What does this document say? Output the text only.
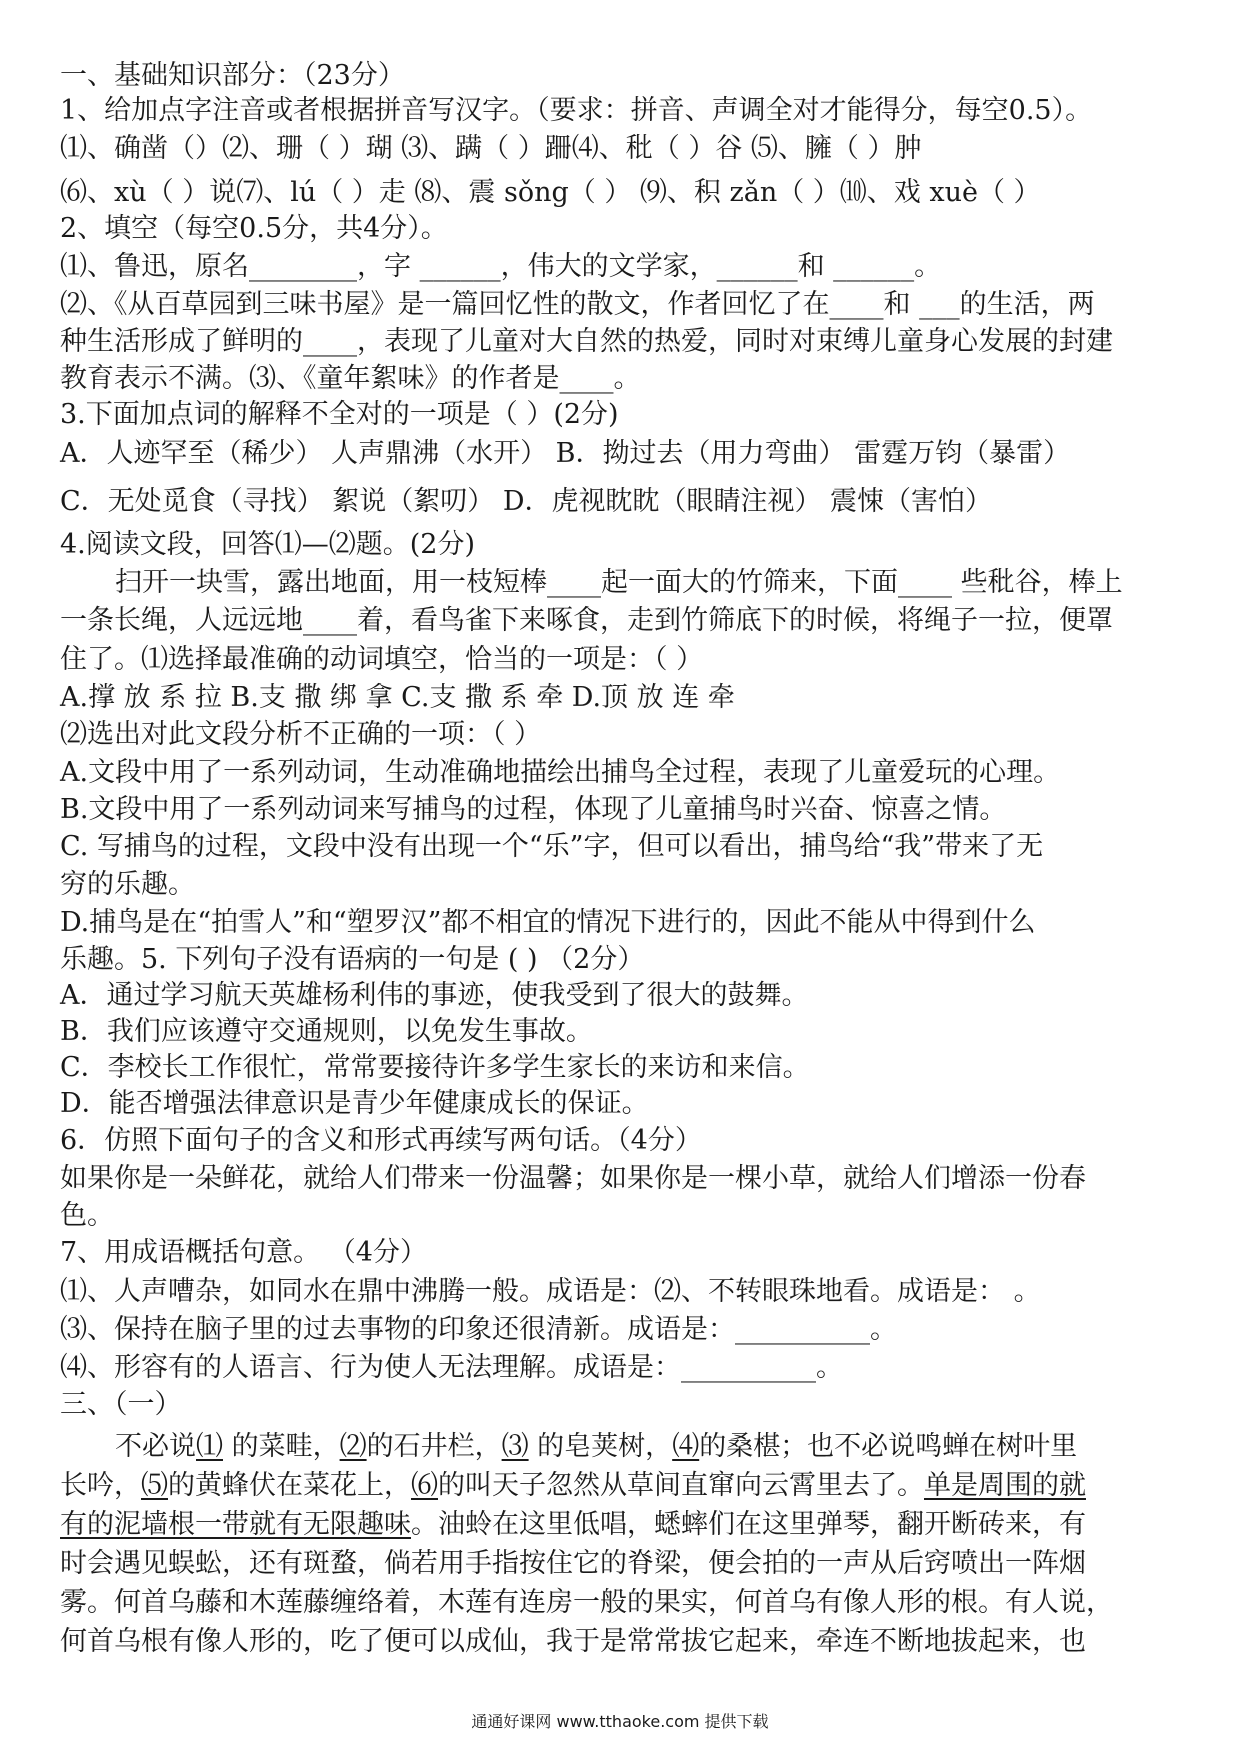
一、基础知识部分：（23分）
1、给加点字注音或者根据拼音写汉字。（要求：拼音、声调全对才能得分，每空0.5）。
⑴、确凿（）⑵、珊（ ）瑚 ⑶、蹒（ ）跚⑷、秕（ ）谷 ⑸、臃（ ）肿
⑹、xù（ ）说⑺、lú（ ）走 ⑻、震 sǒng（ ） ⑼、积 zǎn（ ）⑽、戏 xuè（ ）
2、填空（每空0.5分，共4分）。
⑴、鲁迅，原名________，字 ______，伟大的文学家，______和 ______。
⑵、《从百草园到三味书屋》是一篇回忆性的散文，作者回忆了在____和 ___的生活，两
种生活形成了鲜明的____，表现了儿童对大自然的热爱，同时对束缚儿童身心发展的封建
教育表示不满。⑶、《童年絮味》的作者是____。
3.下面加点词的解释不全对的一项是（ ）(2分)
A．人迹罕至（稀少） 人声鼎沸（水开） B．拗过去（用力弯曲） 雷霆万钧（暴雷）
C．无处觅食（寻找） 絮说（絮叨） D．虎视眈眈（眼睛注视） 震悚（害怕）
4.阅读文段，回答⑴—⑵题。(2分)
扫开一块雪，露出地面，用一枝短棒____起一面大的竹筛来，下面____ 些秕谷，棒上
一条长绳，人远远地____着，看鸟雀下来啄食，走到竹筛底下的时候，将绳子一拉，便罩
住了。⑴选择最准确的动词填空，恰当的一项是：（ ）
A.撑 放 系 拉 B.支 撒 绑 拿 C.支 撒 系 牵 D.顶 放 连 牵
⑵选出对此文段分析不正确的一项：（ ）
A.文段中用了一系列动词，生动准确地描绘出捕鸟全过程，表现了儿童爱玩的心理。
B.文段中用了一系列动词来写捕鸟的过程，体现了儿童捕鸟时兴奋、惊喜之情。
C. 写捕鸟的过程，文段中没有出现一个“乐”字，但可以看出，捕鸟给“我”带来了无
穷的乐趣。
D.捕鸟是在“拍雪人”和“塑罗汉”都不相宜的情况下进行的，因此不能从中得到什么
乐趣。5. 下列句子没有语病的一句是 ( ) （2分）
A．通过学习航天英雄杨利伟的事迹，使我受到了很大的鼓舞。
B．我们应该遵守交通规则，以免发生事故。
C．李校长工作很忙，常常要接待许多学生家长的来访和来信。
D．能否增强法律意识是青少年健康成长的保证。
6．仿照下面句子的含义和形式再续写两句话。（4分）
如果你是一朵鲜花，就给人们带来一份温馨；如果你是一棵小草，就给人们增添一份春
色。
7、用成语概括句意。 （4分）
⑴、人声嘈杂，如同水在鼎中沸腾一般。成语是：⑵、不转眼珠地看。成语是： 。
⑶、保持在脑子里的过去事物的印象还很清新。成语是：__________。
⑷、形容有的人语言、行为使人无法理解。成语是：__________。
三、（一）
不必说⑴ 的菜畦，⑵的石井栏，⑶ 的皂荚树，⑷的桑椹；也不必说鸣蝉在树叶里
长吟，⑸的黄蜂伏在菜花上，⑹的叫天子忽然从草间直窜向云霄里去了。单是周围的就
有的泥墙根一带就有无限趣味。油蛉在这里低唱，蟋蟀们在这里弹琴，翻开断砖来，有
时会遇见蜈蚣，还有斑蝥，倘若用手指按住它的脊梁，便会拍的一声从后窍喷出一阵烟
雾。何首乌藤和木莲藤缠络着，木莲有连房一般的果实，何首乌有像人形的根。有人说，
何首乌根有像人形的，吃了便可以成仙，我于是常常拔它起来，牵连不断地拔起来，也
通通好课网 www.tthaoke.com 提供下载
